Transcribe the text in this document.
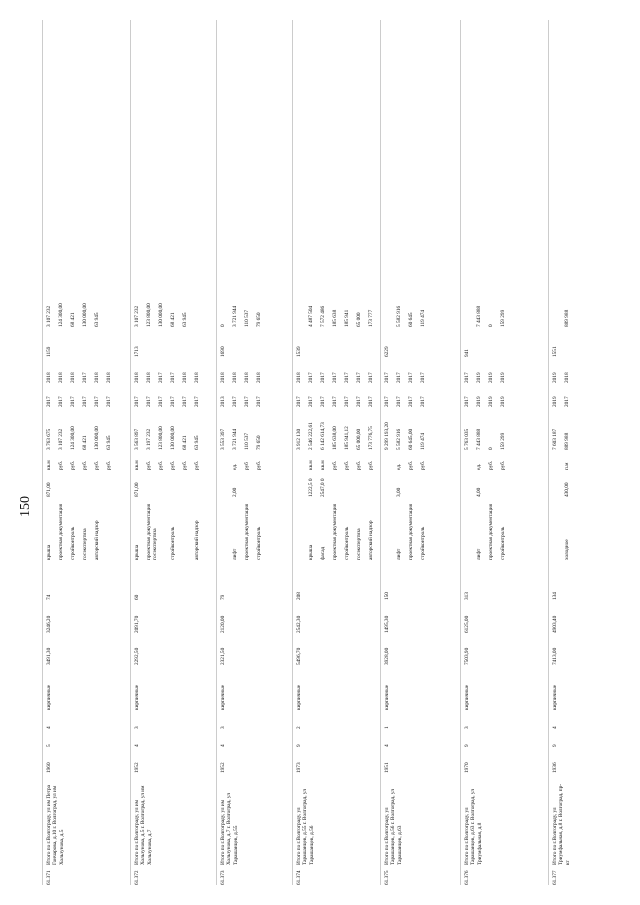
150
61.371
Итого по г.Волгограду, ул им Петра Гончарова, д.10 г. Волгоград, ул им Хользунова, д.5
1960
5
4
кирпичные
3491,30
3246,20
74
крыша
871,00
кв.м
3 763 675
2017
2018
1159
3 107 232
проектная документация
руб.
3 107 232
2017
2018
124 300,00
стройконтроль
руб.
124 300,00
2017
2018
68 421
госэкспертиза
руб.
68 421
2017
2017
130 000,00
авторский надзор
руб.
130 000,00
2017
2018
63 945
руб.
63 945
2017
2018
61.372
Итого по г.Волгограду, ул им Хользунова, д.5 г. Волгоград, ул им Хользунова, д.7
1952
4
3
кирпичные
2292,50
2091,70
60
крыша
871,00
кв.м
3 563 897
2017
2018
1713
3 107 232
проектная документация госэкспертиза
руб.
3 197 232
2017
2018
123 800,00
руб.
123 800,00
2017
2017
130 000,00
стройконтроль
руб.
130 000,00
2017
2017
68 421
руб.
68 421
2017
2018
63 945
авторский надзор
руб.
63 945
2017
2018
61.373
Итого по г.Волгограду, ул им Хользунова, д.7 г. Волгоград, ул Тарашанцев, д.55
1952
4
3
кирпичные
2321,50
2120,00
79
3 553 397
2013
2018
1690
0
лифт
2,00
ед.
3 721 944
2017
2018
3 721 944
проектная документация
руб
110 537
2017
2018
110 537
стройконтроль
руб.
79 650
2017
2018
79 650
61.374
Итого по г.Волгограду, ул Тарашанцев, д.55 г. Волгоград, ул Тарашанцев, д.56
1973
9
2
кирпичные
5496,70
2542,30
208
3 912 130
2017
2018
1539
крыша
1222,5 0
кв.м
2 546 222,61
2017
2017
4 487 504
фасад
2547,0 0
кв.м
6 142 614,73
2017
2017
7 572 486
проектная документация
руб.
185 638,00
2017
2017
185 638
стройконтроль
руб.
185 941,12
2017
2017
185 941
госэкспертиза
руб.
65 000,00
2017
2017
65 000
авторский надзор
руб.
173 776,75
2017
2017
173 777
61.375
Итого по г.Волгограду, ул Тарашанцев, д.56 г. Волгоград, ул Тарашанцев, д.63
1951
4
1
кирпичные
3928,00
1495,30
150
9 299 193,20
2017
2017
6229
лифт
3,00
ед.
5 582 916
2017
2017
5 582 916
проектная документация
руб.
60 645,00
2017
2017
60 645
стройконтроль
руб.
119 474
2017
2017
119 474
61.376
Итого по г.Волгограду, ул Тарашанцев, д.63 г. Волгоград, ул Триумфальная, д.8
1970
9
3
кирпичные
7503,90
6125,00
313
5 763 035
2017
2017
941
лифт
4,00
ед.
7 443 888
2019
2019
7 443 888
проектная документация
руб.
0
2019
2019
0
стройконтроль
руб.
159 299
2019
2019
159 299
61.377
Итого по г.Волгограду, ул Триумфальная, д.8 г. Волгоград, пр-кт
1936
9
4
кирпичные
7413,00
4903,40
134
7 603 187
2019
2019
1551
холодное
430,00
п.м
889 988
2017
2018
889 988
